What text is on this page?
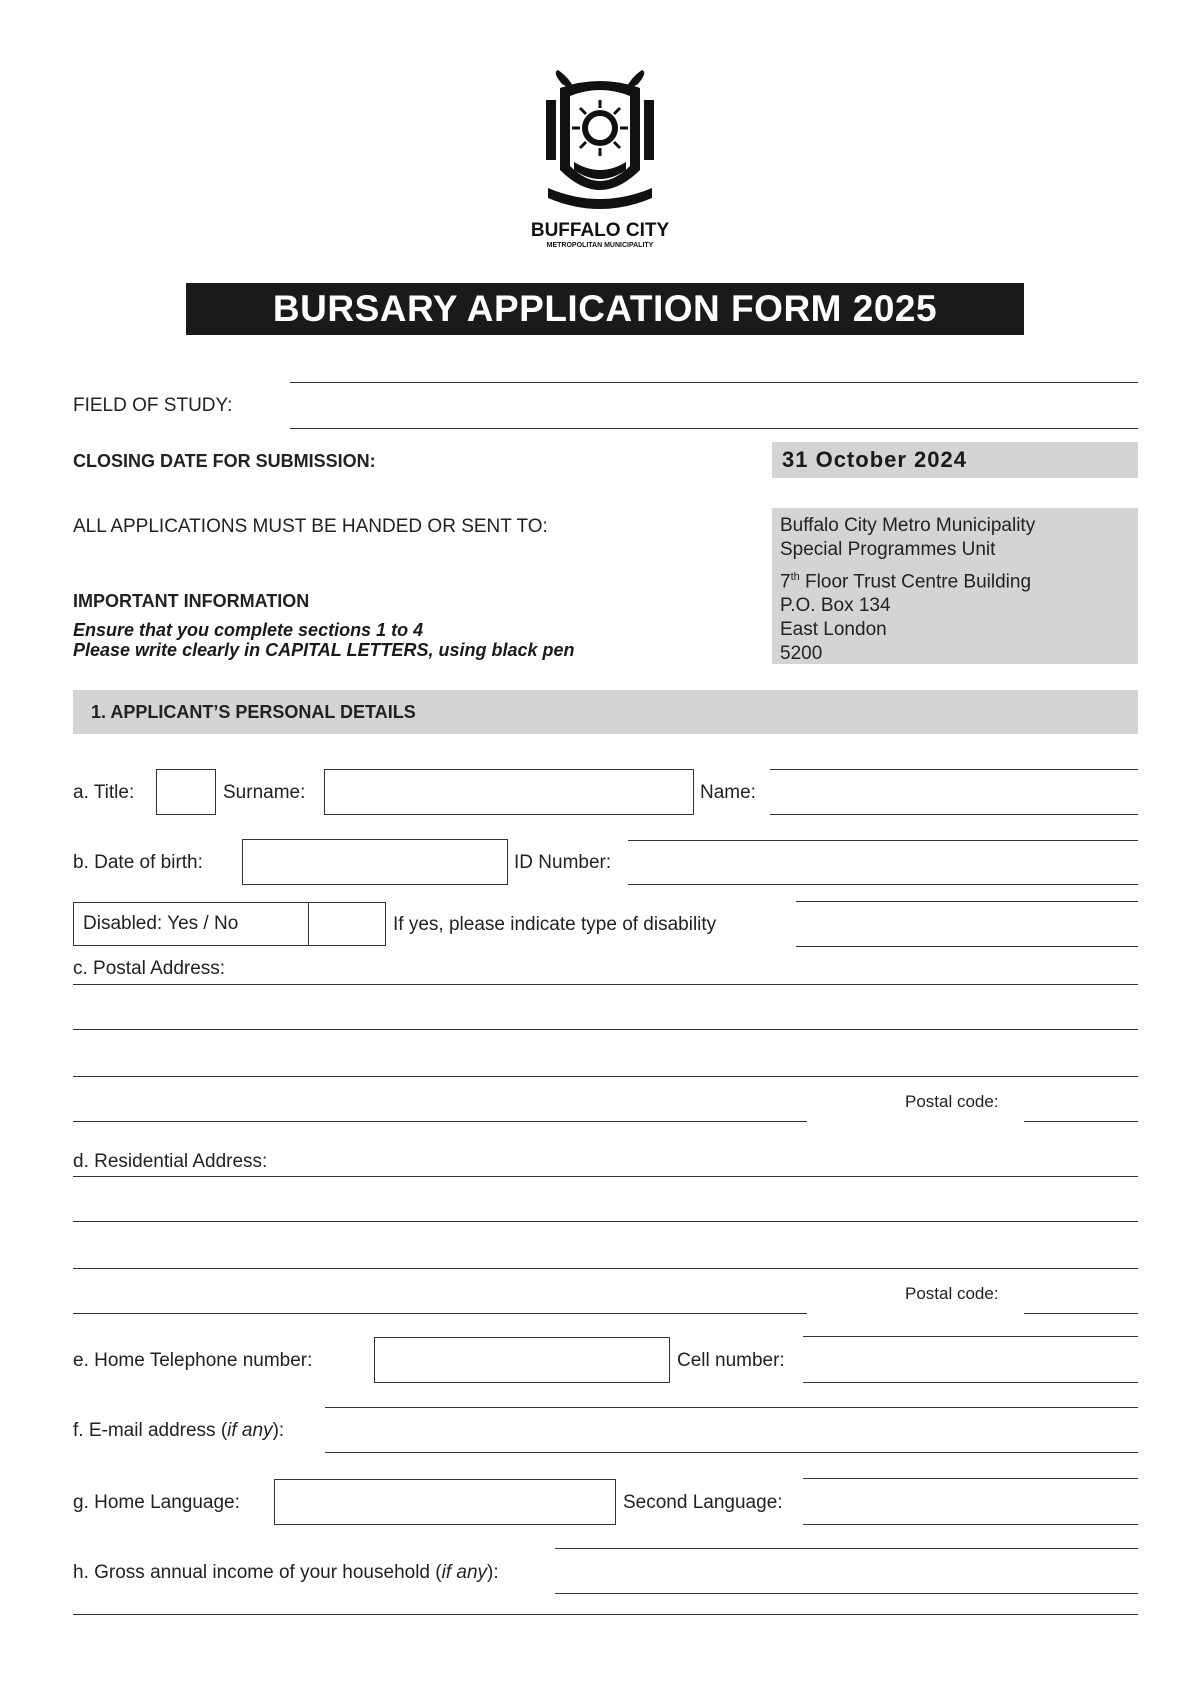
BUFFALO CITY
METROPOLITAN MUNICIPALITY
BURSARY APPLICATION FORM 2025
FIELD OF STUDY:
CLOSING DATE FOR SUBMISSION:	31 October 2024
ALL APPLICATIONS MUST BE HANDED OR SENT TO:	Buffalo City Metro Municipality
Special Programmes Unit
7th Floor Trust Centre Building
P.O. Box 134
East London
5200
IMPORTANT INFORMATION
Ensure that you complete sections 1 to 4
Please write clearly in CAPITAL LETTERS, using black pen
1. APPLICANT’S PERSONAL DETAILS
a. Title:	Surname:	Name:
b. Date of birth:	ID Number:
Disabled: Yes / No	If yes, please indicate type of disability
c. Postal Address:
Postal code:
d. Residential Address:
Postal code:
e. Home Telephone number:	Cell number:
f. E-mail address (if any):
g. Home Language:	Second Language:
h. Gross annual income of your household (if any):
